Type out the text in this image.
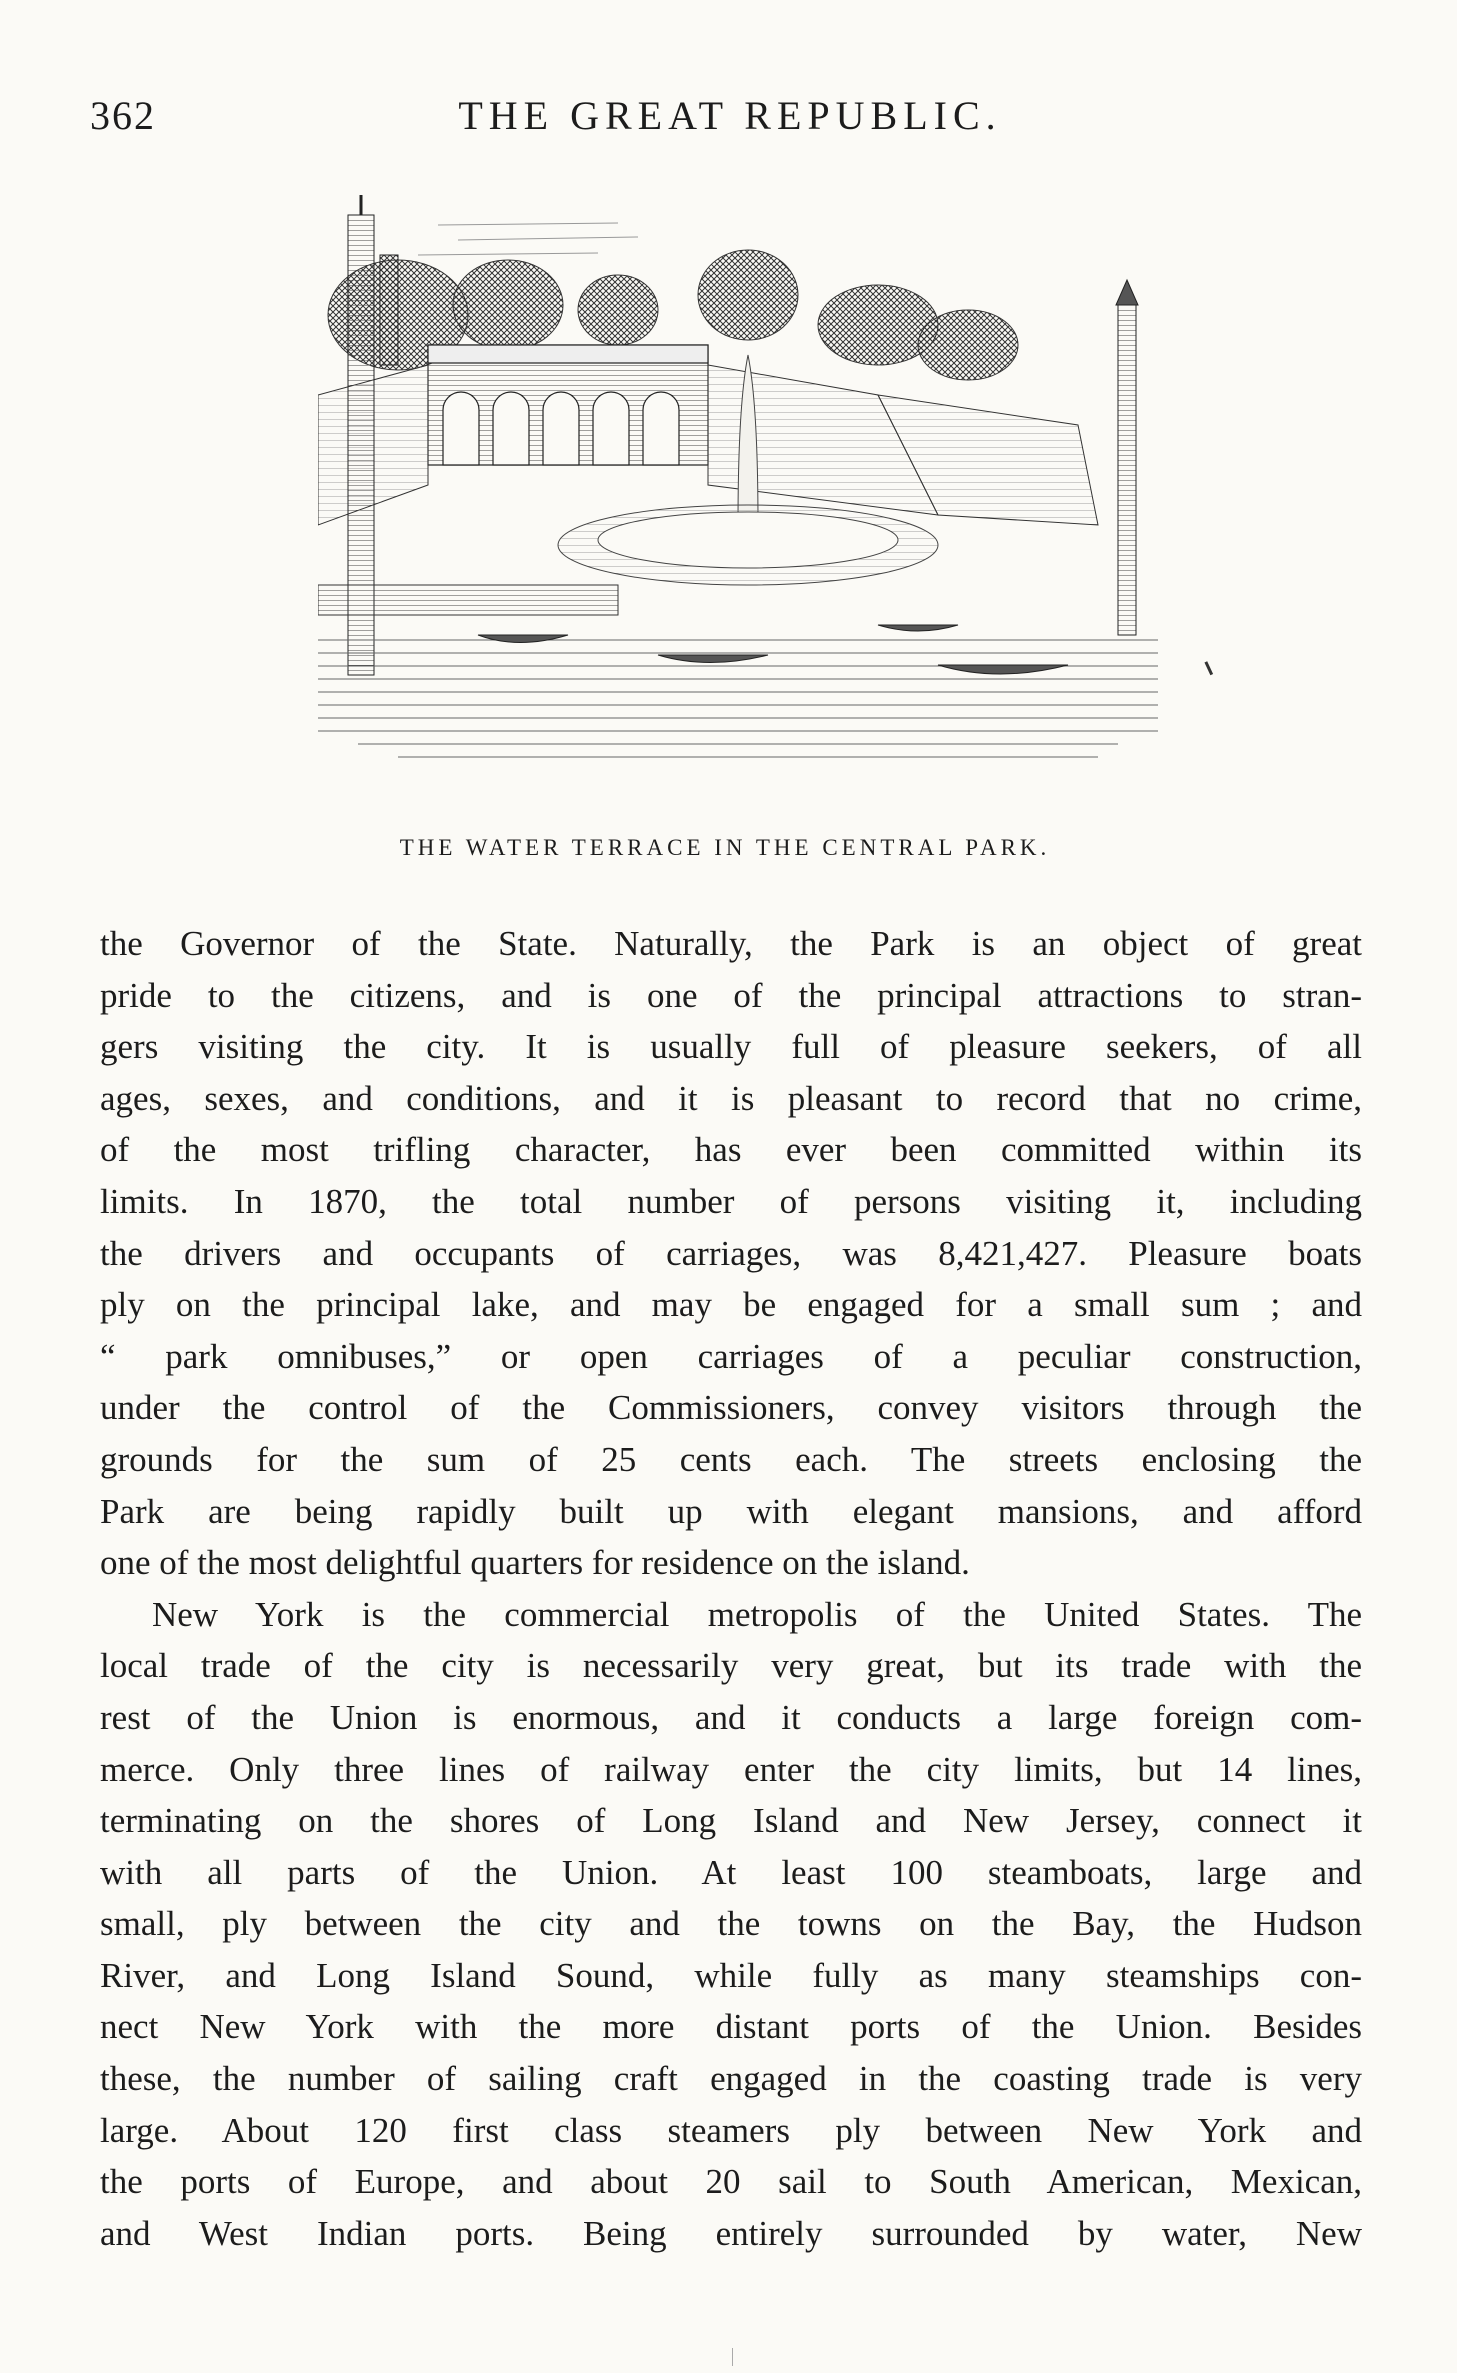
362	THE GREAT REPUBLIC.
THE WATER TERRACE IN THE CENTRAL PARK.
the Governor of the State. Naturally, the Park is an object of great
pride to the citizens, and is one of the principal attractions to stran-
gers visiting the city. It is usually full of pleasure seekers, of all
ages, sexes, and conditions, and it is pleasant to record that no crime,
of the most trifling character, has ever been committed within its
limits. In 1870, the total number of persons visiting it, including
the drivers and occupants of carriages, was 8,421,427. Pleasure boats
ply on the principal lake, and may be engaged for a small sum ; and
“ park omnibuses,” or open carriages of a peculiar construction,
under the control of the Commissioners, convey visitors through the
grounds for the sum of 25 cents each. The streets enclosing the
Park are being rapidly built up with elegant mansions, and afford
one of the most delightful quarters for residence on the island.
New York is the commercial metropolis of the United States. The
local trade of the city is necessarily very great, but its trade with the
rest of the Union is enormous, and it conducts a large foreign com-
merce. Only three lines of railway enter the city limits, but 14 lines,
terminating on the shores of Long Island and New Jersey, connect it
with all parts of the Union. At least 100 steamboats, large and
small, ply between the city and the towns on the Bay, the Hudson
River, and Long Island Sound, while fully as many steamships con-
nect New York with the more distant ports of the Union. Besides
these, the number of sailing craft engaged in the coasting trade is very
large. About 120 first class steamers ply between New York and
the ports of Europe, and about 20 sail to South American, Mexican,
and West Indian ports. Being entirely surrounded by water, New
